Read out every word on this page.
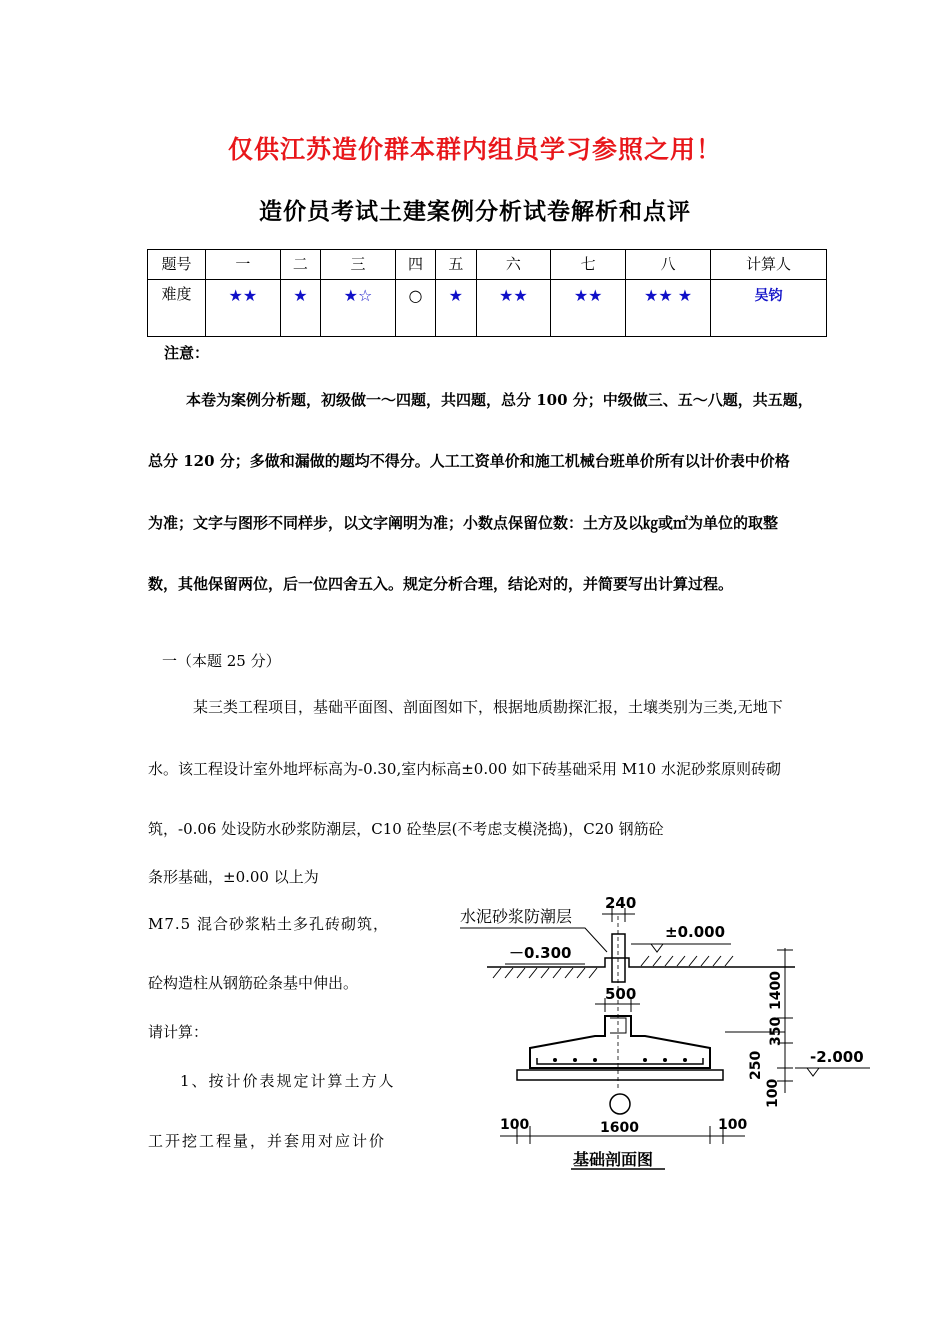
仅供江苏造价群本群内组员学习参照之用！
造价员考试土建案例分析试卷解析和点评
题号	一	二	三	四	五	六	七	八	计算人
难度	★★	★	★☆	○	★	★★	★★	★★ ★	吴钧
注意：
本卷为案例分析题，初级做一～四题，共四题，总分 100 分；中级做三、五～八题，共五题，
总分 120 分；多做和漏做的题均不得分。人工工资单价和施工机械台班单价所有以计价表中价格
为准；文字与图形不同样步，以文字阐明为准；小数点保留位数：土方及以㎏或㎡为单位的取整
数，其他保留两位，后一位四舍五入。规定分析合理，结论对的，并简要写出计算过程。
一（本题 25 分）
某三类工程项目，基础平面图、剖面图如下，根据地质勘探汇报，土壤类别为三类,无地下
水。该工程设计室外地坪标高为-0.30,室内标高±0.00 如下砖基础采用 M10 水泥砂浆原则砖砌
筑，-0.06 处设防水砂浆防潮层，C10 砼垫层(不考虑支模浇捣)，C20 钢筋砼
条形基础，±0.00 以上为
M7.5 混合砂浆粘土多孔砖砌筑，
砼构造柱从钢筋砼条基中伸出。
请计算：
1、按计价表规定计算土方人
工开挖工程量，并套用对应计价
水泥砂浆防潮层
240
±0.000
－0.300
500	1400
350
250
100
-2.000
100	1600	100
基础剖面图
